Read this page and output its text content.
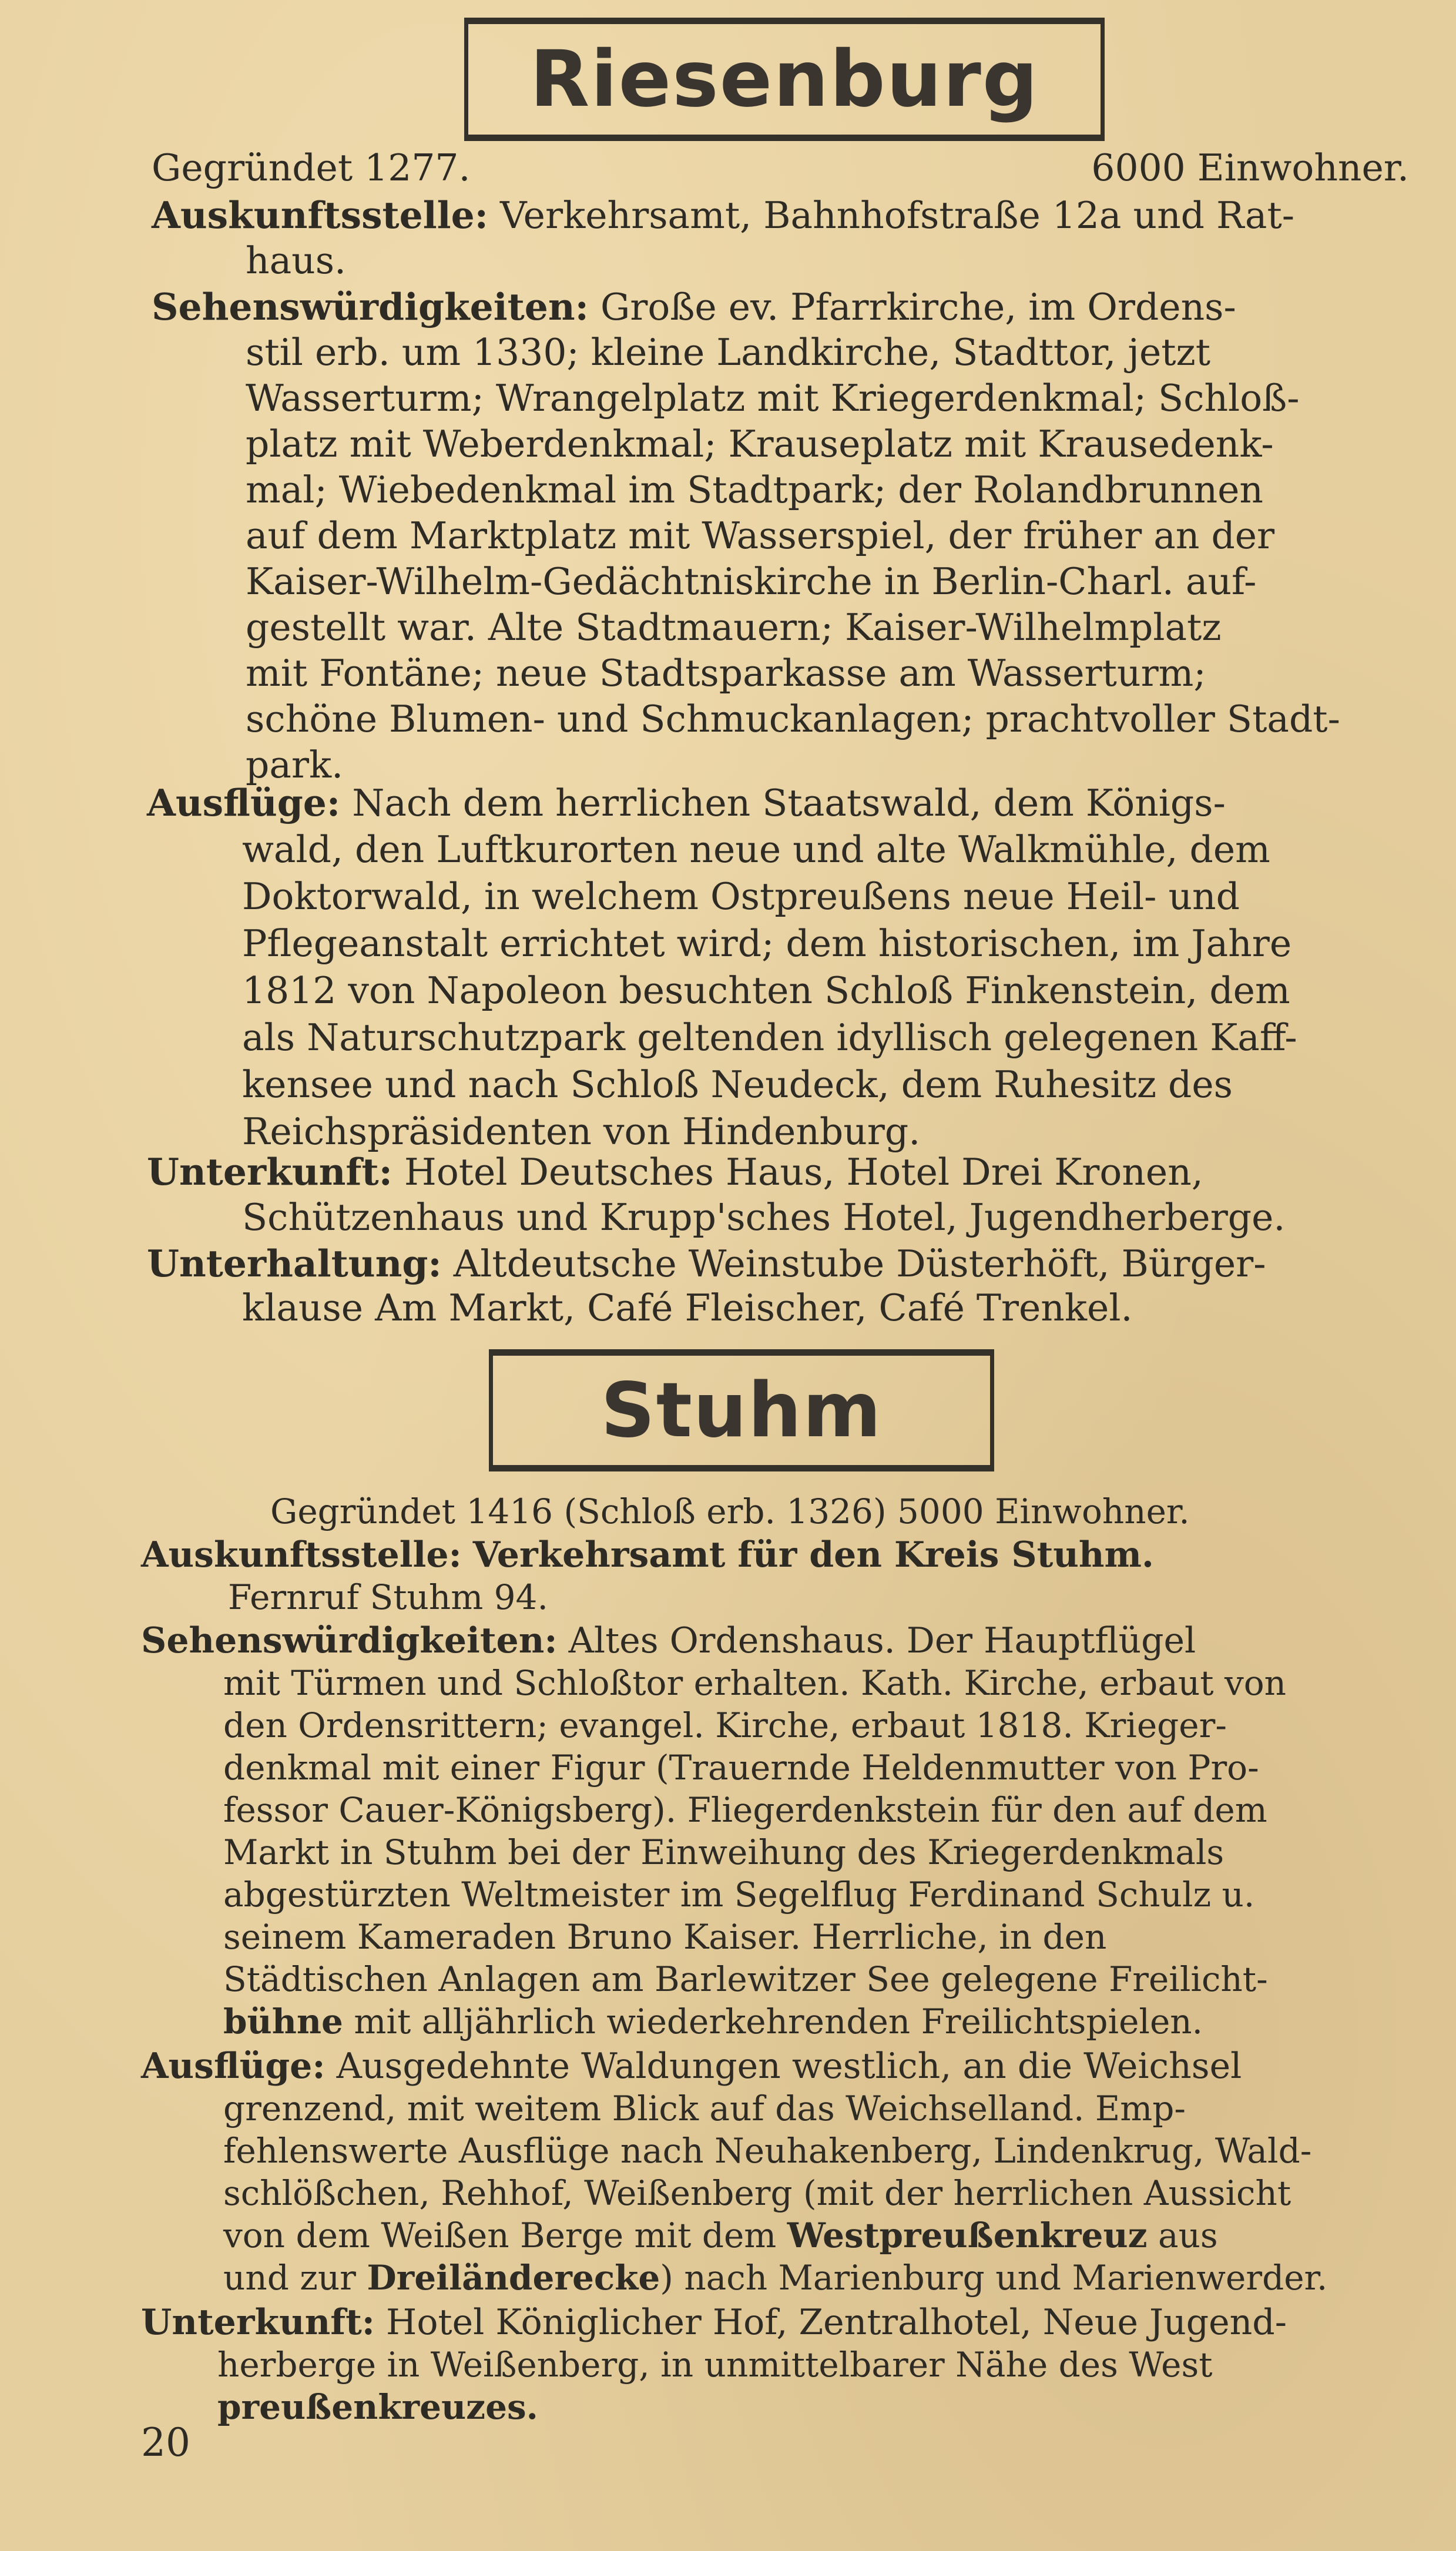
Riesenburg
Gegründet 1277.	6000 Einwohner.
Auskunftsstelle: Verkehrsamt, Bahnhofstraße 12a und Rat-
haus.
Sehenswürdigkeiten: Große ev. Pfarrkirche, im Ordens-
stil erb. um 1330; kleine Landkirche, Stadttor, jetzt
Wasserturm; Wrangelplatz mit Kriegerdenkmal; Schloß-
platz mit Weberdenkmal; Krauseplatz mit Krausedenk-
mal; Wiebedenkmal im Stadtpark; der Rolandbrunnen
auf dem Marktplatz mit Wasserspiel, der früher an der
Kaiser-Wilhelm-Gedächtniskirche in Berlin-Charl. auf-
gestellt war. Alte Stadtmauern; Kaiser-Wilhelmplatz
mit Fontäne; neue Stadtsparkasse am Wasserturm;
schöne Blumen- und Schmuckanlagen; prachtvoller Stadt-
park.
Ausflüge: Nach dem herrlichen Staatswald, dem Königs-
wald, den Luftkurorten neue und alte Walkmühle, dem
Doktorwald, in welchem Ostpreußens neue Heil- und
Pflegeanstalt errichtet wird; dem historischen, im Jahre
1812 von Napoleon besuchten Schloß Finkenstein, dem
als Naturschutzpark geltenden idyllisch gelegenen Kaff-
kensee und nach Schloß Neudeck, dem Ruhesitz des
Reichspräsidenten von Hindenburg.
Unterkunft: Hotel Deutsches Haus, Hotel Drei Kronen,
Schützenhaus und Krupp'sches Hotel, Jugendherberge.
Unterhaltung: Altdeutsche Weinstube Düsterhöft, Bürger-
klause Am Markt, Café Fleischer, Café Trenkel.
Stuhm
Gegründet 1416 (Schloß erb. 1326) 5000 Einwohner.
Auskunftsstelle: Verkehrsamt für den Kreis Stuhm.
Fernruf Stuhm 94.
Sehenswürdigkeiten: Altes Ordenshaus. Der Hauptflügel
mit Türmen und Schloßtor erhalten. Kath. Kirche, erbaut von
den Ordensrittern; evangel. Kirche, erbaut 1818. Krieger-
denkmal mit einer Figur (Trauernde Heldenmutter von Pro-
fessor Cauer-Königsberg). Fliegerdenkstein für den auf dem
Markt in Stuhm bei der Einweihung des Kriegerdenkmals
abgestürzten Weltmeister im Segelflug Ferdinand Schulz u.
seinem Kameraden Bruno Kaiser. Herrliche, in den
Städtischen Anlagen am Barlewitzer See gelegene Freilicht-
bühne mit alljährlich wiederkehrenden Freilichtspielen.
Ausflüge: Ausgedehnte Waldungen westlich, an die Weichsel
grenzend, mit weitem Blick auf das Weichselland. Emp-
fehlenswerte Ausflüge nach Neuhakenberg, Lindenkrug, Wald-
schlößchen, Rehhof, Weißenberg (mit der herrlichen Aussicht
von dem Weißen Berge mit dem Westpreußenkreuz aus
und zur Dreiländerecke) nach Marienburg und Marienwerder.
Unterkunft: Hotel Königlicher Hof, Zentralhotel, Neue Jugend-
herberge in Weißenberg, in unmittelbarer Nähe des West
preußenkreuzes.
20
